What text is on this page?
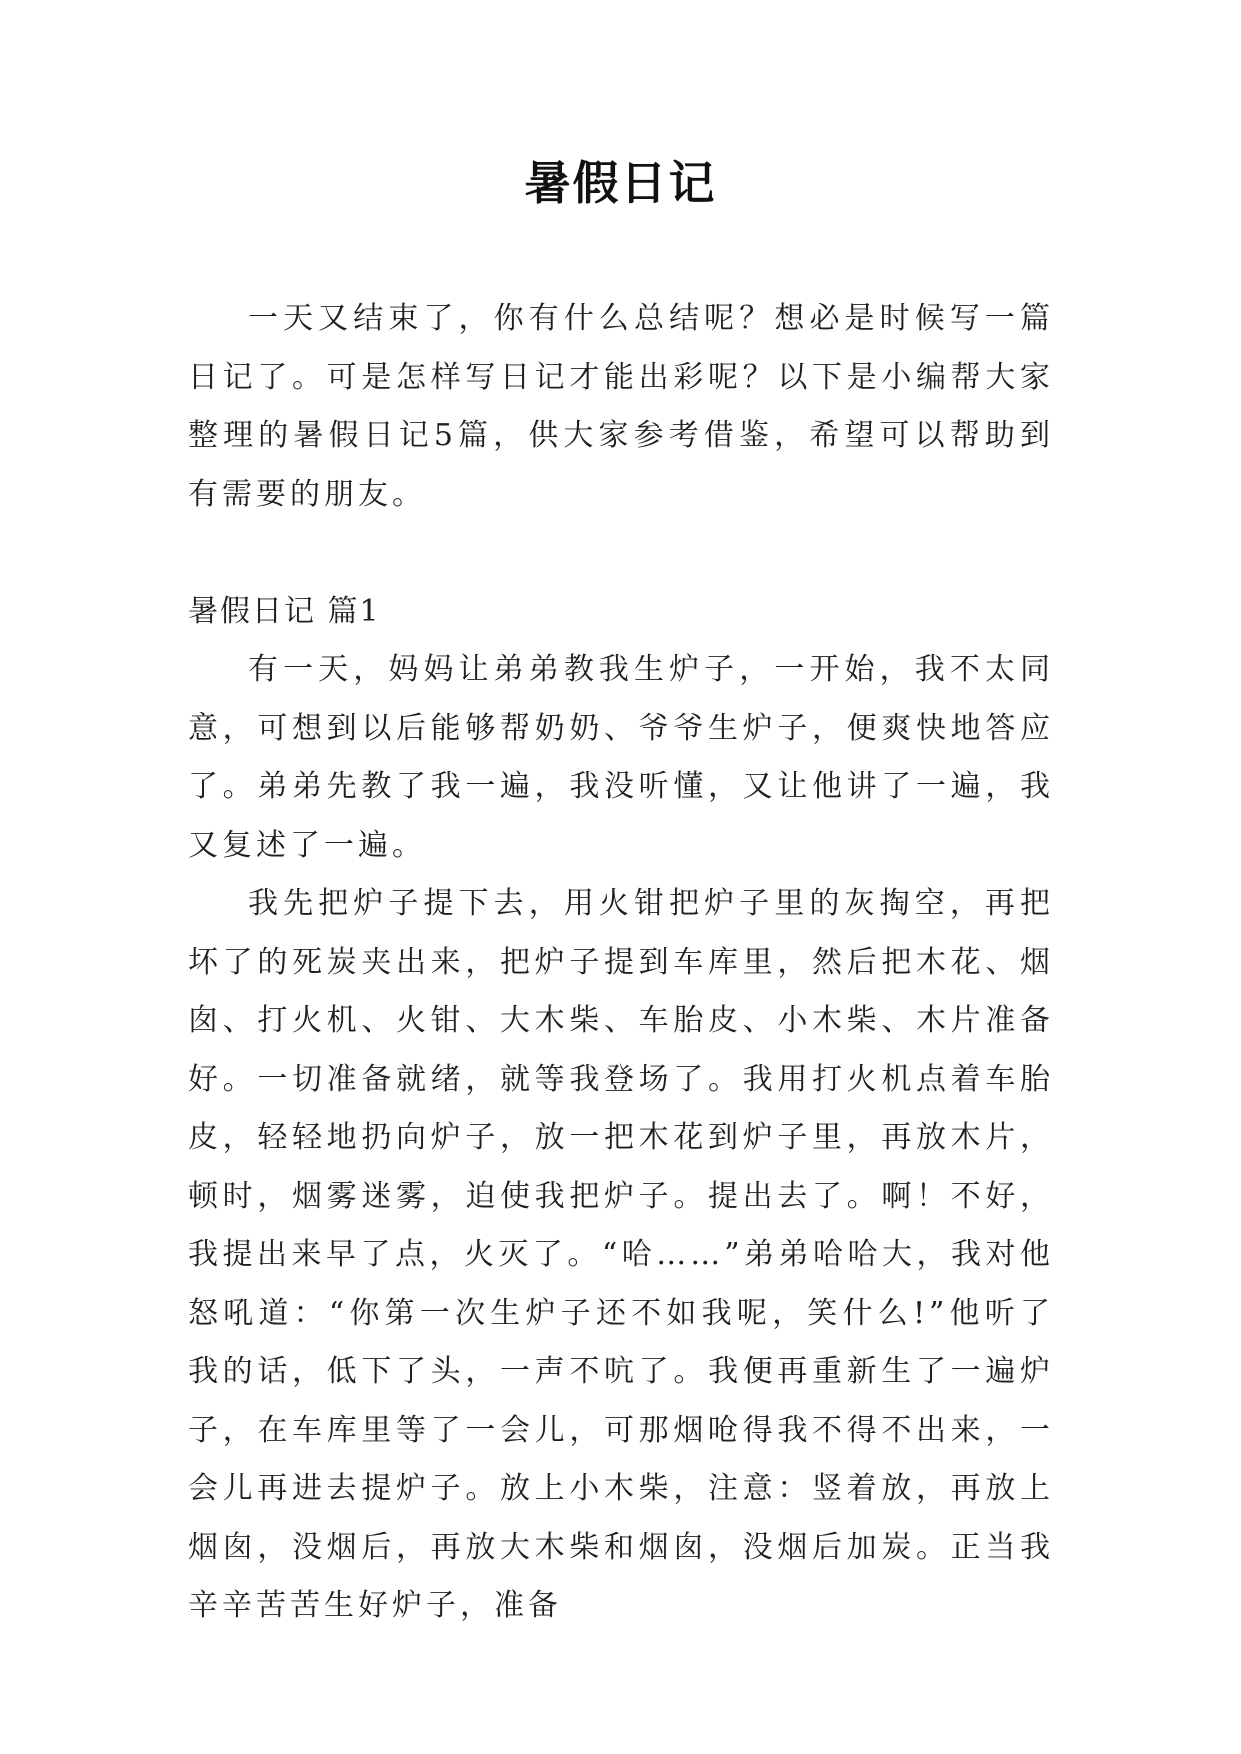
暑假日记

一天又结束了，你有什么总结呢？想必是时候写一篇日记了。可是怎样写日记才能出彩呢？以下是小编帮大家整理的暑假日记5篇，供大家参考借鉴，希望可以帮助到有需要的朋友。

暑假日记 篇1

有一天，妈妈让弟弟教我生炉子，一开始，我不太同意，可想到以后能够帮奶奶、爷爷生炉子，便爽快地答应了。弟弟先教了我一遍，我没听懂，又让他讲了一遍，我又复述了一遍。

我先把炉子提下去，用火钳把炉子里的灰掏空，再把坏了的死炭夹出来，把炉子提到车库里，然后把木花、烟囱、打火机、火钳、大木柴、车胎皮、小木柴、木片准备好。一切准备就绪，就等我登场了。我用打火机点着车胎皮，轻轻地扔向炉子，放一把木花到炉子里，再放木片，顿时，烟雾迷雾，迫使我把炉子。提出去了。啊！不好，我提出来早了点，火灭了。“哈……”弟弟哈哈大，我对他怒吼道：“你第一次生炉子还不如我呢，笑什么!”他听了我的话，低下了头，一声不吭了。我便再重新生了一遍炉子，在车库里等了一会儿，可那烟呛得我不得不出来，一会儿再进去提炉子。放上小木柴，注意：竖着放，再放上烟囱，没烟后，再放大木柴和烟囱，没烟后加炭。正当我辛辛苦苦生好炉子，准备
